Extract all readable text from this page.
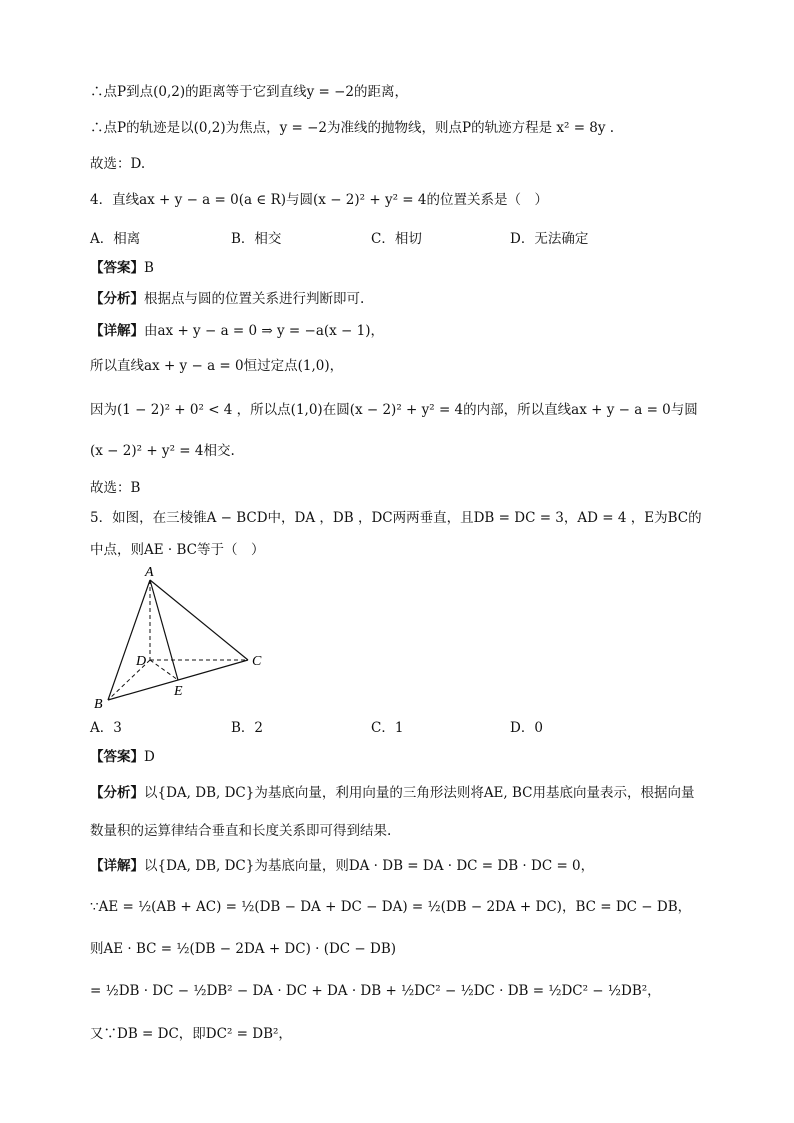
∴点P到点(0,2)的距离等于它到直线y = −2的距离，
∴点P的轨迹是以(0,2)为焦点，y = −2为准线的抛物线，则点P的轨迹方程是 x² = 8y .
故选：D.
4．直线ax + y − a = 0(a ∈ R)与圆(x − 2)² + y² = 4的位置关系是（　）
A．相离	B．相交	C．相切	D．无法确定
【答案】B
【分析】根据点与圆的位置关系进行判断即可.
【详解】由ax + y − a = 0 ⇒ y = −a(x − 1)，
所以直线ax + y − a = 0恒过定点(1,0)，
因为(1 − 2)² + 0² < 4 ，所以点(1,0)在圆(x − 2)² + y² = 4的内部，所以直线ax + y − a = 0与圆
(x − 2)² + y² = 4相交.
故选：B
5．如图，在三棱锥A − BCD中，DA ，DB ，DC两两垂直，且DB = DC = 3，AD = 4 ，E为BC的
中点，则AE · BC等于（　）
A
B
C
D
E
A．3	B．2	C．1	D．0
【答案】D
【分析】以{DA, DB, DC}为基底向量，利用向量的三角形法则将AE, BC用基底向量表示，根据向量
数量积的运算律结合垂直和长度关系即可得到结果.
【详解】以{DA, DB, DC}为基底向量，则DA · DB = DA · DC = DB · DC = 0，
∵AE = ½(AB + AC) = ½(DB − DA + DC − DA) = ½(DB − 2DA + DC)，BC = DC − DB，
则AE · BC = ½(DB − 2DA + DC) · (DC − DB)
= ½DB · DC − ½DB² − DA · DC + DA · DB + ½DC² − ½DC · DB = ½DC² − ½DB²，
又∵DB = DC，即DC² = DB²，
